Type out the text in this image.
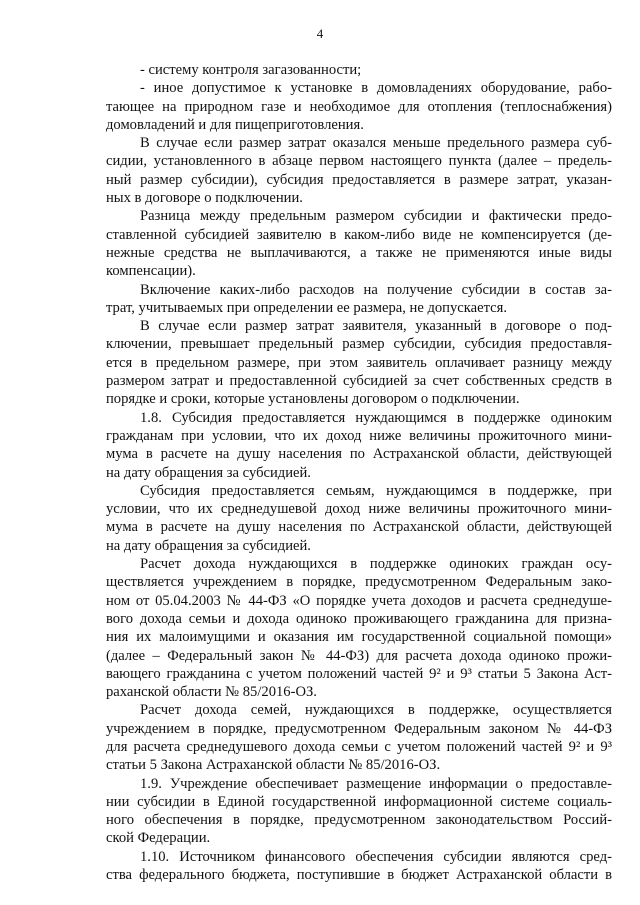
4
- систему контроля загазованности;
- иное допустимое к установке в домовладениях оборудование, рабо-
тающее на природном газе и необходимое для отопления (теплоснабжения)
домовладений и для пищеприготовления.
В случае если размер затрат оказался меньше предельного размера суб-
сидии, установленного в абзаце первом настоящего пункта (далее – предель-
ный размер субсидии), субсидия предоставляется в размере затрат, указан-
ных в договоре о подключении.
Разница между предельным размером субсидии и фактически предо-
ставленной субсидией заявителю в каком-либо виде не компенсируется (де-
нежные средства не выплачиваются, а также не применяются иные виды
компенсации).
Включение каких-либо расходов на получение субсидии в состав за-
трат, учитываемых при определении ее размера, не допускается.
В случае если размер затрат заявителя, указанный в договоре о под-
ключении, превышает предельный размер субсидии, субсидия предоставля-
ется в предельном размере, при этом заявитель оплачивает разницу между
размером затрат и предоставленной субсидией за счет собственных средств в
порядке и сроки, которые установлены договором о подключении.
1.8. Субсидия предоставляется нуждающимся в поддержке одиноким
гражданам при условии, что их доход ниже величины прожиточного мини-
мума в расчете на душу населения по Астраханской области, действующей
на дату обращения за субсидией.
Субсидия предоставляется семьям, нуждающимся в поддержке, при
условии, что их среднедушевой доход ниже величины прожиточного мини-
мума в расчете на душу населения по Астраханской области, действующей
на дату обращения за субсидией.
Расчет дохода нуждающихся в поддержке одиноких граждан осу-
ществляется учреждением в порядке, предусмотренном Федеральным зако-
ном от 05.04.2003 № 44-ФЗ «О порядке учета доходов и расчета среднедуше-
вого дохода семьи и дохода одиноко проживающего гражданина для призна-
ния их малоимущими и оказания им государственной социальной помощи»
(далее – Федеральный закон № 44-ФЗ) для расчета дохода одиноко прожи-
вающего гражданина с учетом положений частей 9² и 9³ статьи 5 Закона Аст-
раханской области № 85/2016-ОЗ.
Расчет дохода семей, нуждающихся в поддержке, осуществляется
учреждением в порядке, предусмотренном Федеральным законом № 44-ФЗ
для расчета среднедушевого дохода семьи с учетом положений частей 9² и 9³
статьи 5 Закона Астраханской области № 85/2016-ОЗ.
1.9. Учреждение обеспечивает размещение информации о предоставле-
нии субсидии в Единой государственной информационной системе социаль-
ного обеспечения в порядке, предусмотренном законодательством Россий-
ской Федерации.
1.10. Источником финансового обеспечения субсидии являются сред-
ства федерального бюджета, поступившие в бюджет Астраханской области в
